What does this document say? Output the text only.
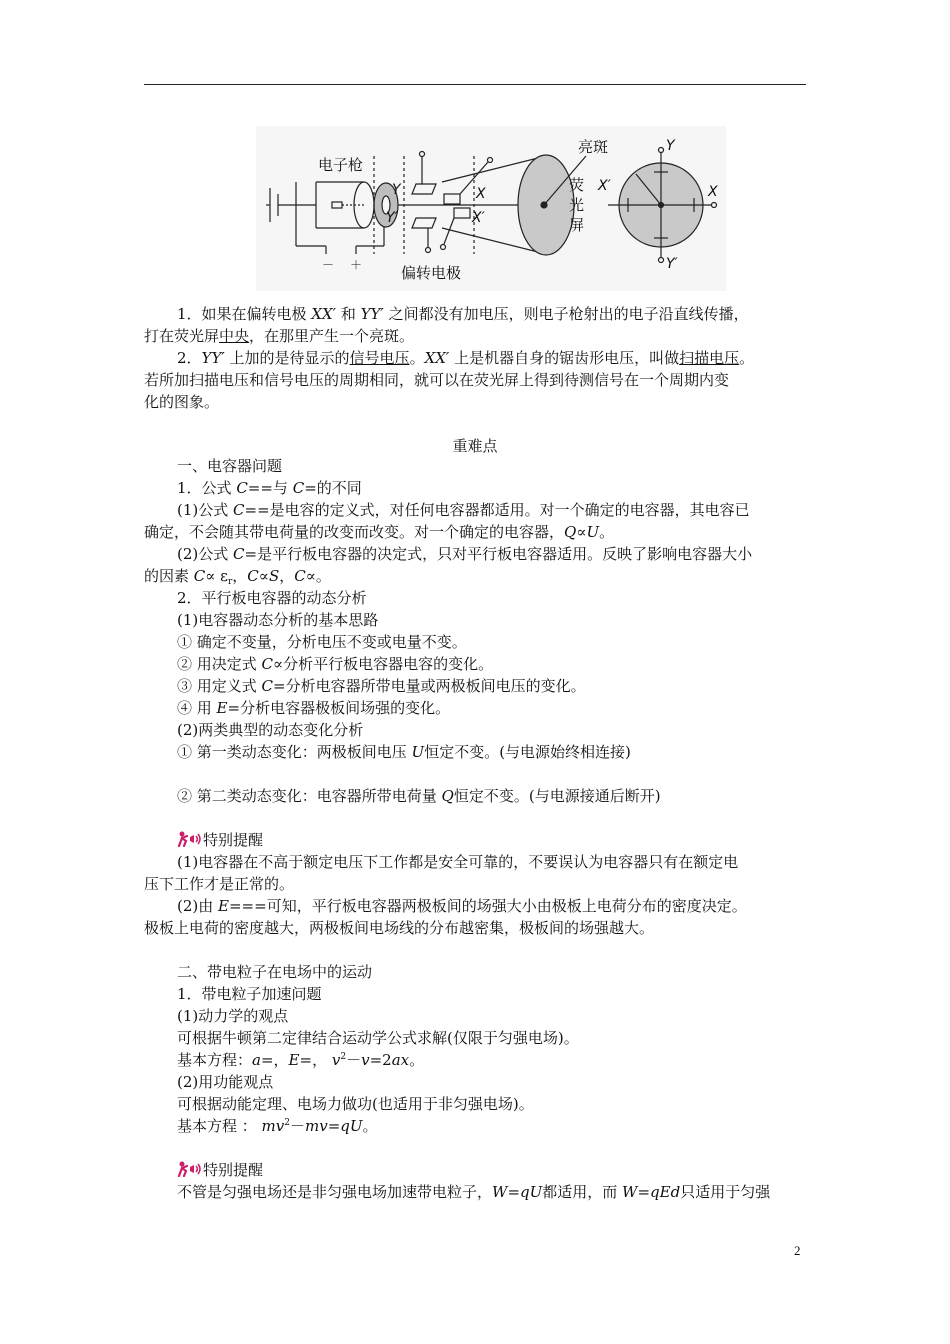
电子枪
亮斑
荧光屏
偏转电极
－ ＋
Y
Y′
X
X′
X′
Y
Y′
X
1．如果在偏转电极 XX′ 和 YY′ 之间都没有加电压，则电子枪射出的电子沿直线传播，
打在荧光屏中央，在那里产生一个亮斑。
2．YY′ 上加的是待显示的信号电压。XX′ 上是机器自身的锯齿形电压，叫做扫描电压。
若所加扫描电压和信号电压的周期相同，就可以在荧光屏上得到待测信号在一个周期内变
化的图象。
重难点
一、电容器问题
1．公式 C==与 C=的不同
(1)公式 C==是电容的定义式，对任何电容器都适用。对一个确定的电容器，其电容已
确定，不会随其带电荷量的改变而改变。对一个确定的电容器，Q∝U。
(2)公式 C=是平行板电容器的决定式，只对平行板电容器适用。反映了影响电容器大小
的因素 $C\propto \varepsilon_r$，C∝S，C∝。
2．平行板电容器的动态分析
(1)电容器动态分析的基本思路
① 确定不变量，分析电压不变或电量不变。
② 用决定式 C∝分析平行板电容器电容的变化。
③ 用定义式 C=分析电容器所带电量或两极板间电压的变化。
④ 用 E=分析电容器极板间场强的变化。
(2)两类典型的动态变化分析
① 第一类动态变化：两极板间电压 U恒定不变。(与电源始终相连接)
② 第二类动态变化：电容器所带电荷量 Q恒定不变。(与电源接通后断开)
特别提醒
(1)电容器在不高于额定电压下工作都是安全可靠的，不要误认为电容器只有在额定电
压下工作才是正常的。
(2)由 E===可知，平行板电容器两极板间的场强大小由极板上电荷分布的密度决定。
极板上电荷的密度越大，两极板间电场线的分布越密集，极板间的场强越大。
二、带电粒子在电场中的运动
1．带电粒子加速问题
(1)动力学的观点
可根据牛顿第二定律结合运动学公式求解(仅限于匀强电场)。
基本方程：a=，E=， $v^2-v=2ax$。
(2)用功能观点
可根据动能定理、电场力做功(也适用于非匀强电场)。
基本方程 ： $mv^2-mv=qU$。
特别提醒
不管是匀强电场还是非匀强电场加速带电粒子，W=qU都适用，而 W=qEd只适用于匀强
2
